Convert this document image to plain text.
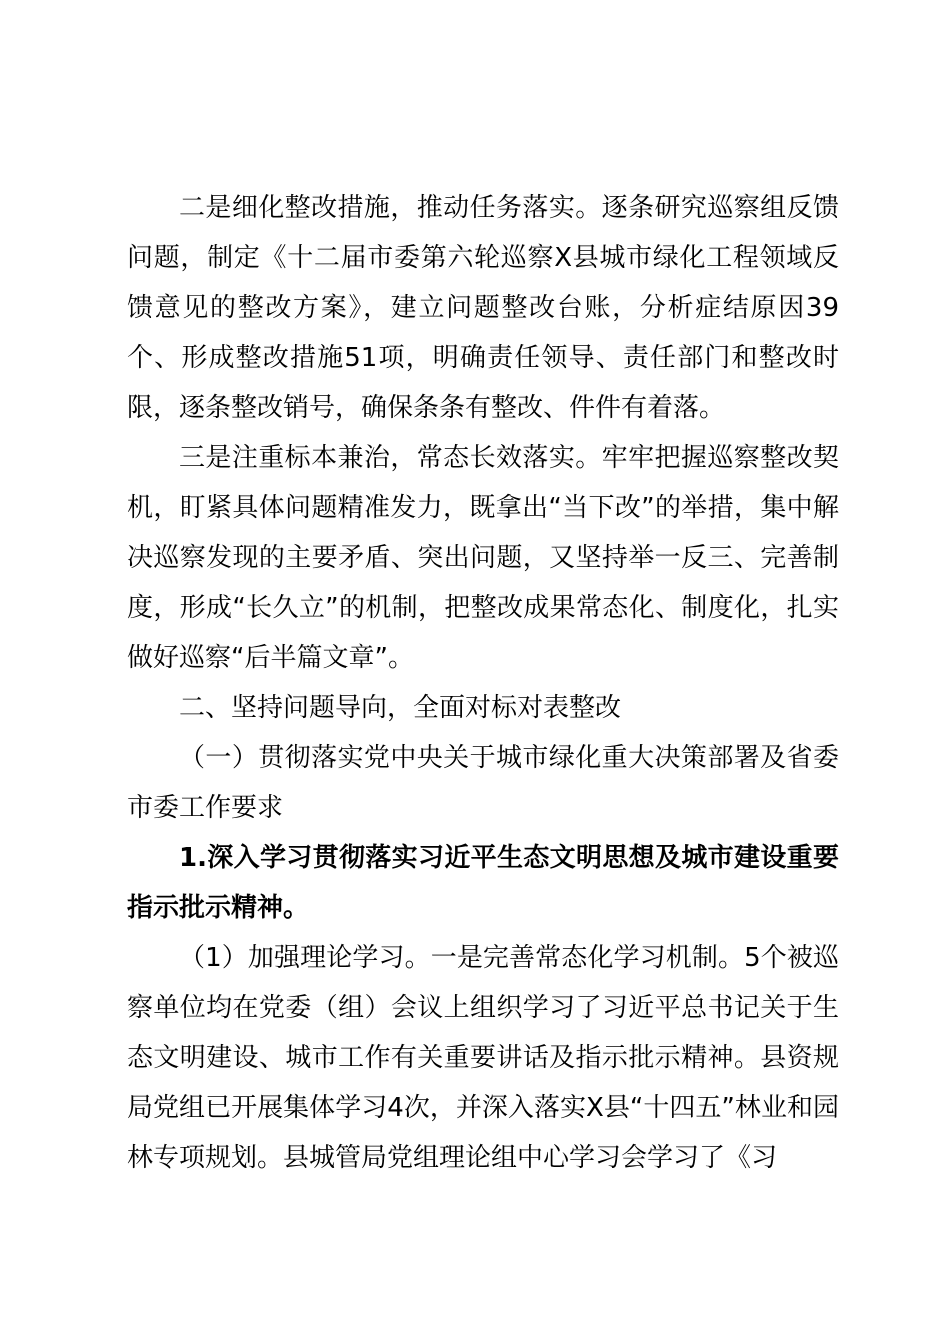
二是细化整改措施，推动任务落实。逐条研究巡察组反馈问题，制定《十二届市委第六轮巡察X县城市绿化工程领域反馈意见的整改方案》，建立问题整改台账，分析症结原因39个、形成整改措施51项，明确责任领导、责任部门和整改时限，逐条整改销号，确保条条有整改、件件有着落。

三是注重标本兼治，常态长效落实。牢牢把握巡察整改契机，盯紧具体问题精准发力，既拿出“当下改”的举措，集中解决巡察发现的主要矛盾、突出问题，又坚持举一反三、完善制度，形成“长久立”的机制，把整改成果常态化、制度化，扎实做好巡察“后半篇文章”。

二、坚持问题导向，全面对标对表整改

（一）贯彻落实党中央关于城市绿化重大决策部署及省委市委工作要求

1.深入学习贯彻落实习近平生态文明思想及城市建设重要指示批示精神。

（1）加强理论学习。一是完善常态化学习机制。5个被巡察单位均在党委（组）会议上组织学习了习近平总书记关于生态文明建设、城市工作有关重要讲话及指示批示精神。县资规局党组已开展集体学习4次，并深入落实X县“十四五”林业和园林专项规划。县城管局党组理论组中心学习会学习了《习
